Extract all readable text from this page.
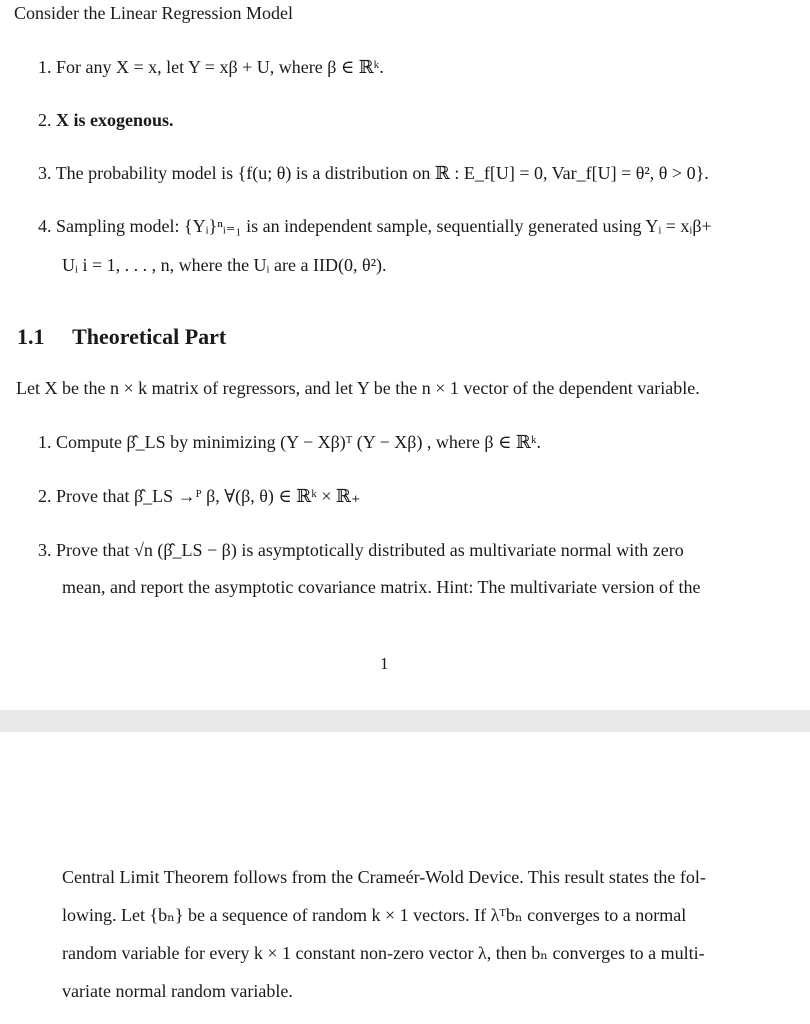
Consider the Linear Regression Model
1. For any X = x, let Y = xβ + U, where β ∈ ℝᵏ.
2. X is exogenous.
3. The probability model is {f(u; θ) is a distribution on ℝ : E_f[U] = 0, Var_f[U] = θ², θ > 0}.
4. Sampling model: {Yᵢ}ⁿᵢ₌₁ is an independent sample, sequentially generated using Yᵢ = xᵢβ+
Uᵢ i = 1, . . . , n, where the Uᵢ are a IID(0, θ²).
1.1 Theoretical Part
Let X be the n × k matrix of regressors, and let Y be the n × 1 vector of the dependent variable.
1. Compute β̂_LS by minimizing (Y − Xβ)ᵀ (Y − Xβ) , where β ∈ ℝᵏ.
2. Prove that β̂_LS →ᴾ β, ∀(β, θ) ∈ ℝᵏ × ℝ₊
3. Prove that √n (β̂_LS − β) is asymptotically distributed as multivariate normal with zero
mean, and report the asymptotic covariance matrix. Hint: The multivariate version of the
1
Central Limit Theorem follows from the Crameér-Wold Device. This result states the fol-
lowing. Let {bₙ} be a sequence of random k × 1 vectors. If λᵀbₙ converges to a normal
random variable for every k × 1 constant non-zero vector λ, then bₙ converges to a multi-
variate normal random variable.
